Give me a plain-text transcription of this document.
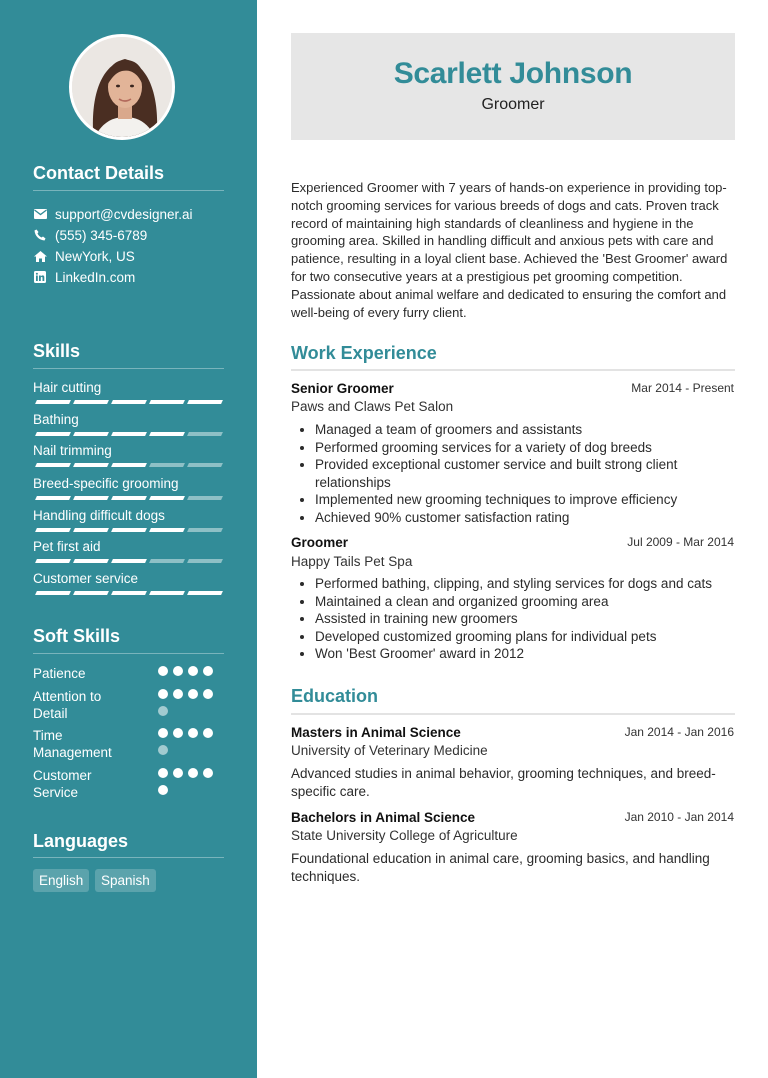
Contact Details
support@cvdesigner.ai
(555) 345-6789
NewYork, US
LinkedIn.com
Skills
Hair cutting
Bathing
Nail trimming
Breed-specific grooming
Handling difficult dogs
Pet first aid
Customer service
Soft Skills
Patience
Attention to Detail
Time Management
Customer Service
Languages
English	Spanish
Scarlett Johnson
Groomer

Experienced Groomer with 7 years of hands-on experience in providing top-notch grooming services for various breeds of dogs and cats. Proven track record of maintaining high standards of cleanliness and hygiene in the grooming area. Skilled in handling difficult and anxious pets with care and patience, resulting in a loyal client base. Achieved the 'Best Groomer' award for two consecutive years at a prestigious pet grooming competition. Passionate about animal welfare and dedicated to ensuring the comfort and well-being of every furry client.

Work Experience
Senior Groomer	Mar 2014 - Present
Paws and Claws Pet Salon
• Managed a team of groomers and assistants
• Performed grooming services for a variety of dog breeds
• Provided exceptional customer service and built strong client relationships
• Implemented new grooming techniques to improve efficiency
• Achieved 90% customer satisfaction rating
Groomer	Jul 2009 - Mar 2014
Happy Tails Pet Spa
• Performed bathing, clipping, and styling services for dogs and cats
• Maintained a clean and organized grooming area
• Assisted in training new groomers
• Developed customized grooming plans for individual pets
• Won 'Best Groomer' award in 2012
Education
Masters in Animal Science	Jan 2014 - Jan 2016
University of Veterinary Medicine
Advanced studies in animal behavior, grooming techniques, and breed-specific care.
Bachelors in Animal Science	Jan 2010 - Jan 2014
State University College of Agriculture
Foundational education in animal care, grooming basics, and handling techniques.
